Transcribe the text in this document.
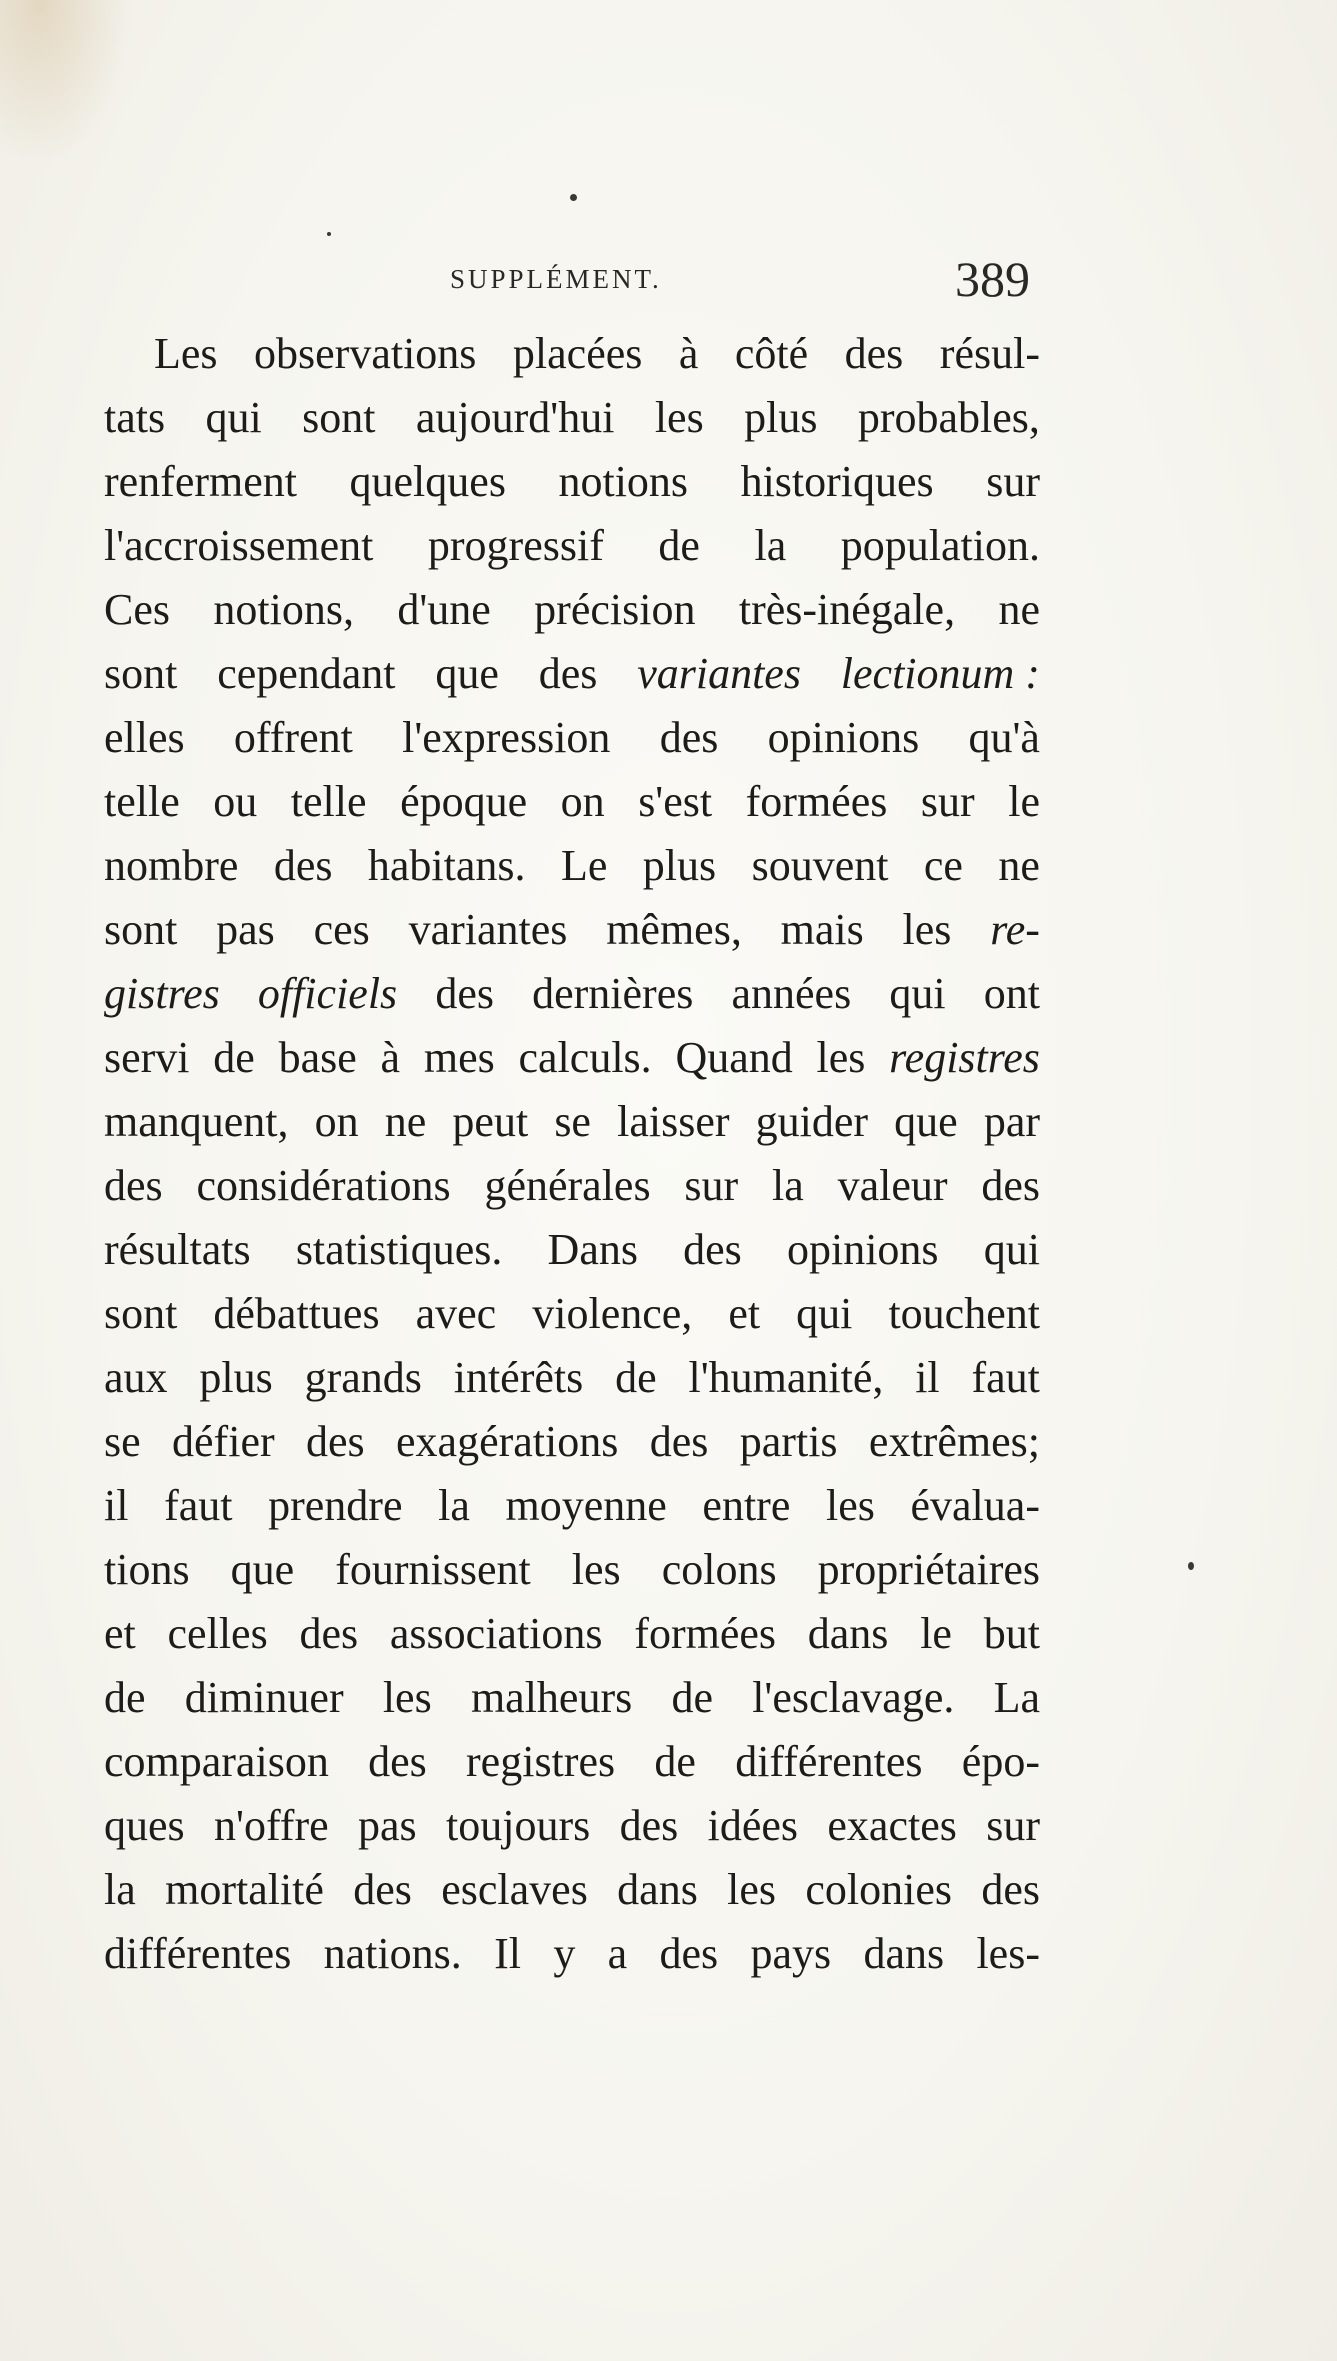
SUPPLÉMENT.	389
Les observations placées à côté des résul-
tats qui sont aujourd'hui les plus probables,
renferment quelques notions historiques sur
l'accroissement progressif de la population.
Ces notions, d'une précision très-inégale, ne
sont cependant que des variantes lectionum :
elles offrent l'expression des opinions qu'à
telle ou telle époque on s'est formées sur le
nombre des habitans. Le plus souvent ce ne
sont pas ces variantes mêmes, mais les re-
gistres officiels des dernières années qui ont
servi de base à mes calculs. Quand les registres
manquent, on ne peut se laisser guider que par
des considérations générales sur la valeur des
résultats statistiques. Dans des opinions qui
sont débattues avec violence, et qui touchent
aux plus grands intérêts de l'humanité, il faut
se défier des exagérations des partis extrêmes;
il faut prendre la moyenne entre les évalua-
tions que fournissent les colons propriétaires
et celles des associations formées dans le but
de diminuer les malheurs de l'esclavage. La
comparaison des registres de différentes épo-
ques n'offre pas toujours des idées exactes sur
la mortalité des esclaves dans les colonies des
différentes nations. Il y a des pays dans les-
